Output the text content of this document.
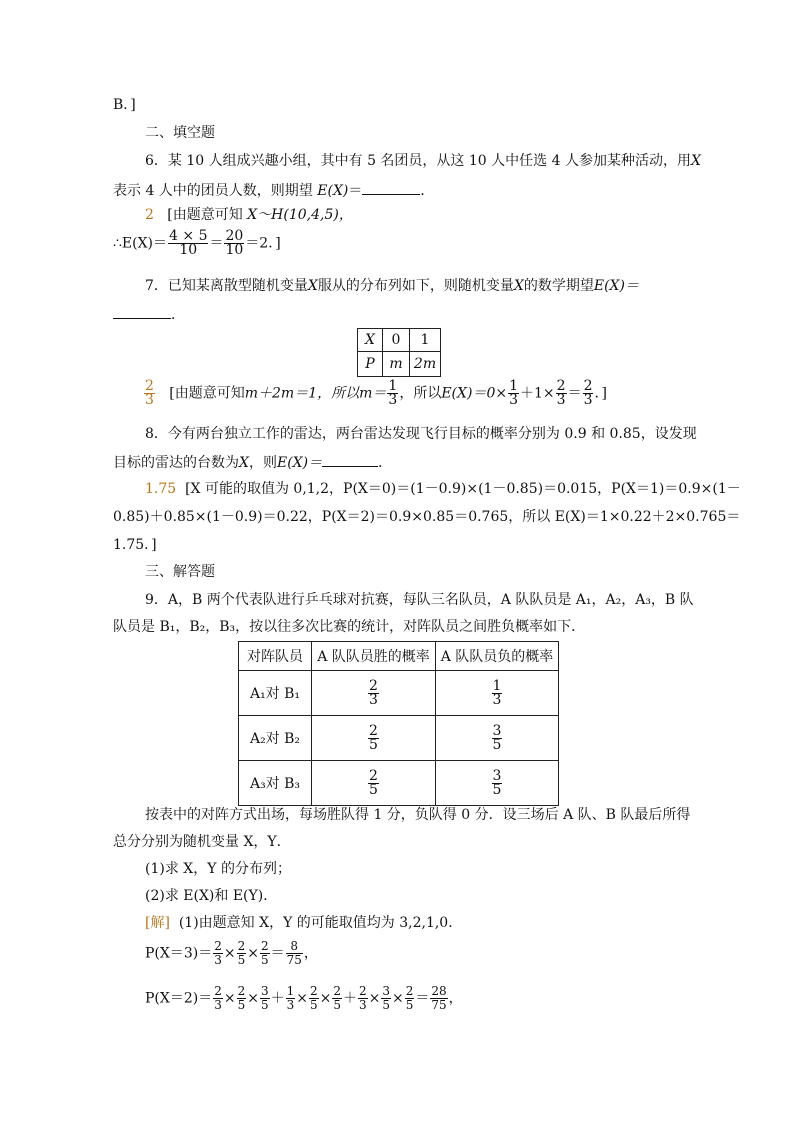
B．]
二、填空题
6．某 10 人组成兴趣小组，其中有 5 名团员，从这 10 人中任选 4 人参加某种活动，用X
表示 4 人中的团员人数，则期望 E(X)＝	．
2 [由题意可知 X～H(10,4,5)，
∴E(X)＝ $\frac{4 \times 5}{10} = \frac{20}{10} =2$．]
7．已知某离散型随机变量X服从的分布列如下，则随机变量X的数学期望E(X)＝
．
X	0	1
P	m	2m
$\frac{2}{3}$ [由题意可知m＋2m＝1，所以$m= \frac{1}{3}$ ，所以$E(X)=0\times \frac{1}{3} +1\times \frac{2}{3} = \frac{2}{3}$ ．]
8．今有两台独立工作的雷达，两台雷达发现飞行目标的概率分别为 0.9 和 0.85，设发现
目标的雷达的台数为X，则E(X)＝	．
1.75 [X 可能的取值为 0,1,2，P(X＝0)＝(1－0.9)×(1－0.85)＝0.015，P(X＝1)＝0.9×(1－
0.85)＋0.85×(1－0.9)＝0.22，P(X＝2)＝0.9×0.85＝0.765，所以 E(X)＝1×0.22＋2×0.765＝
1.75．]
三、解答题
9．A，B 两个代表队进行乒乓球对抗赛，每队三名队员，A 队队员是 A₁，A₂，A₃，B 队
队员是 B₁，B₂，B₃，按以往多次比赛的统计，对阵队员之间胜负概率如下．
对阵队员	A 队队员胜的概率	A 队队员负的概率
A₁对 B₁	$\frac{2}{3}$	$\frac{1}{3}$

A₂对 B₂	$\frac{2}{5}$	$\frac{3}{5}$

A₃对 B₃	$\frac{2}{5}$	$\frac{3}{5}$
按表中的对阵方式出场，每场胜队得 1 分，负队得 0 分．设三场后 A 队、B 队最后所得
总分分别为随机变量 X，Y．
(1)求 X，Y 的分布列；
(2)求 E(X)和 E(Y)．
[解] (1)由题意知 X，Y 的可能取值均为 3,2,1,0.
$P(X=3)= \frac{2}{3} \times \frac{2}{5} \times \frac{2}{5} = \frac{8}{75}$ ，
$P(X=2)= \frac{2}{3} \times \frac{2}{5} \times \frac{3}{5} + \frac{1}{3} \times \frac{2}{5} \times \frac{2}{5} + \frac{2}{3} \times \frac{3}{5} \times \frac{2}{5} = \frac{28}{75}$ ，
